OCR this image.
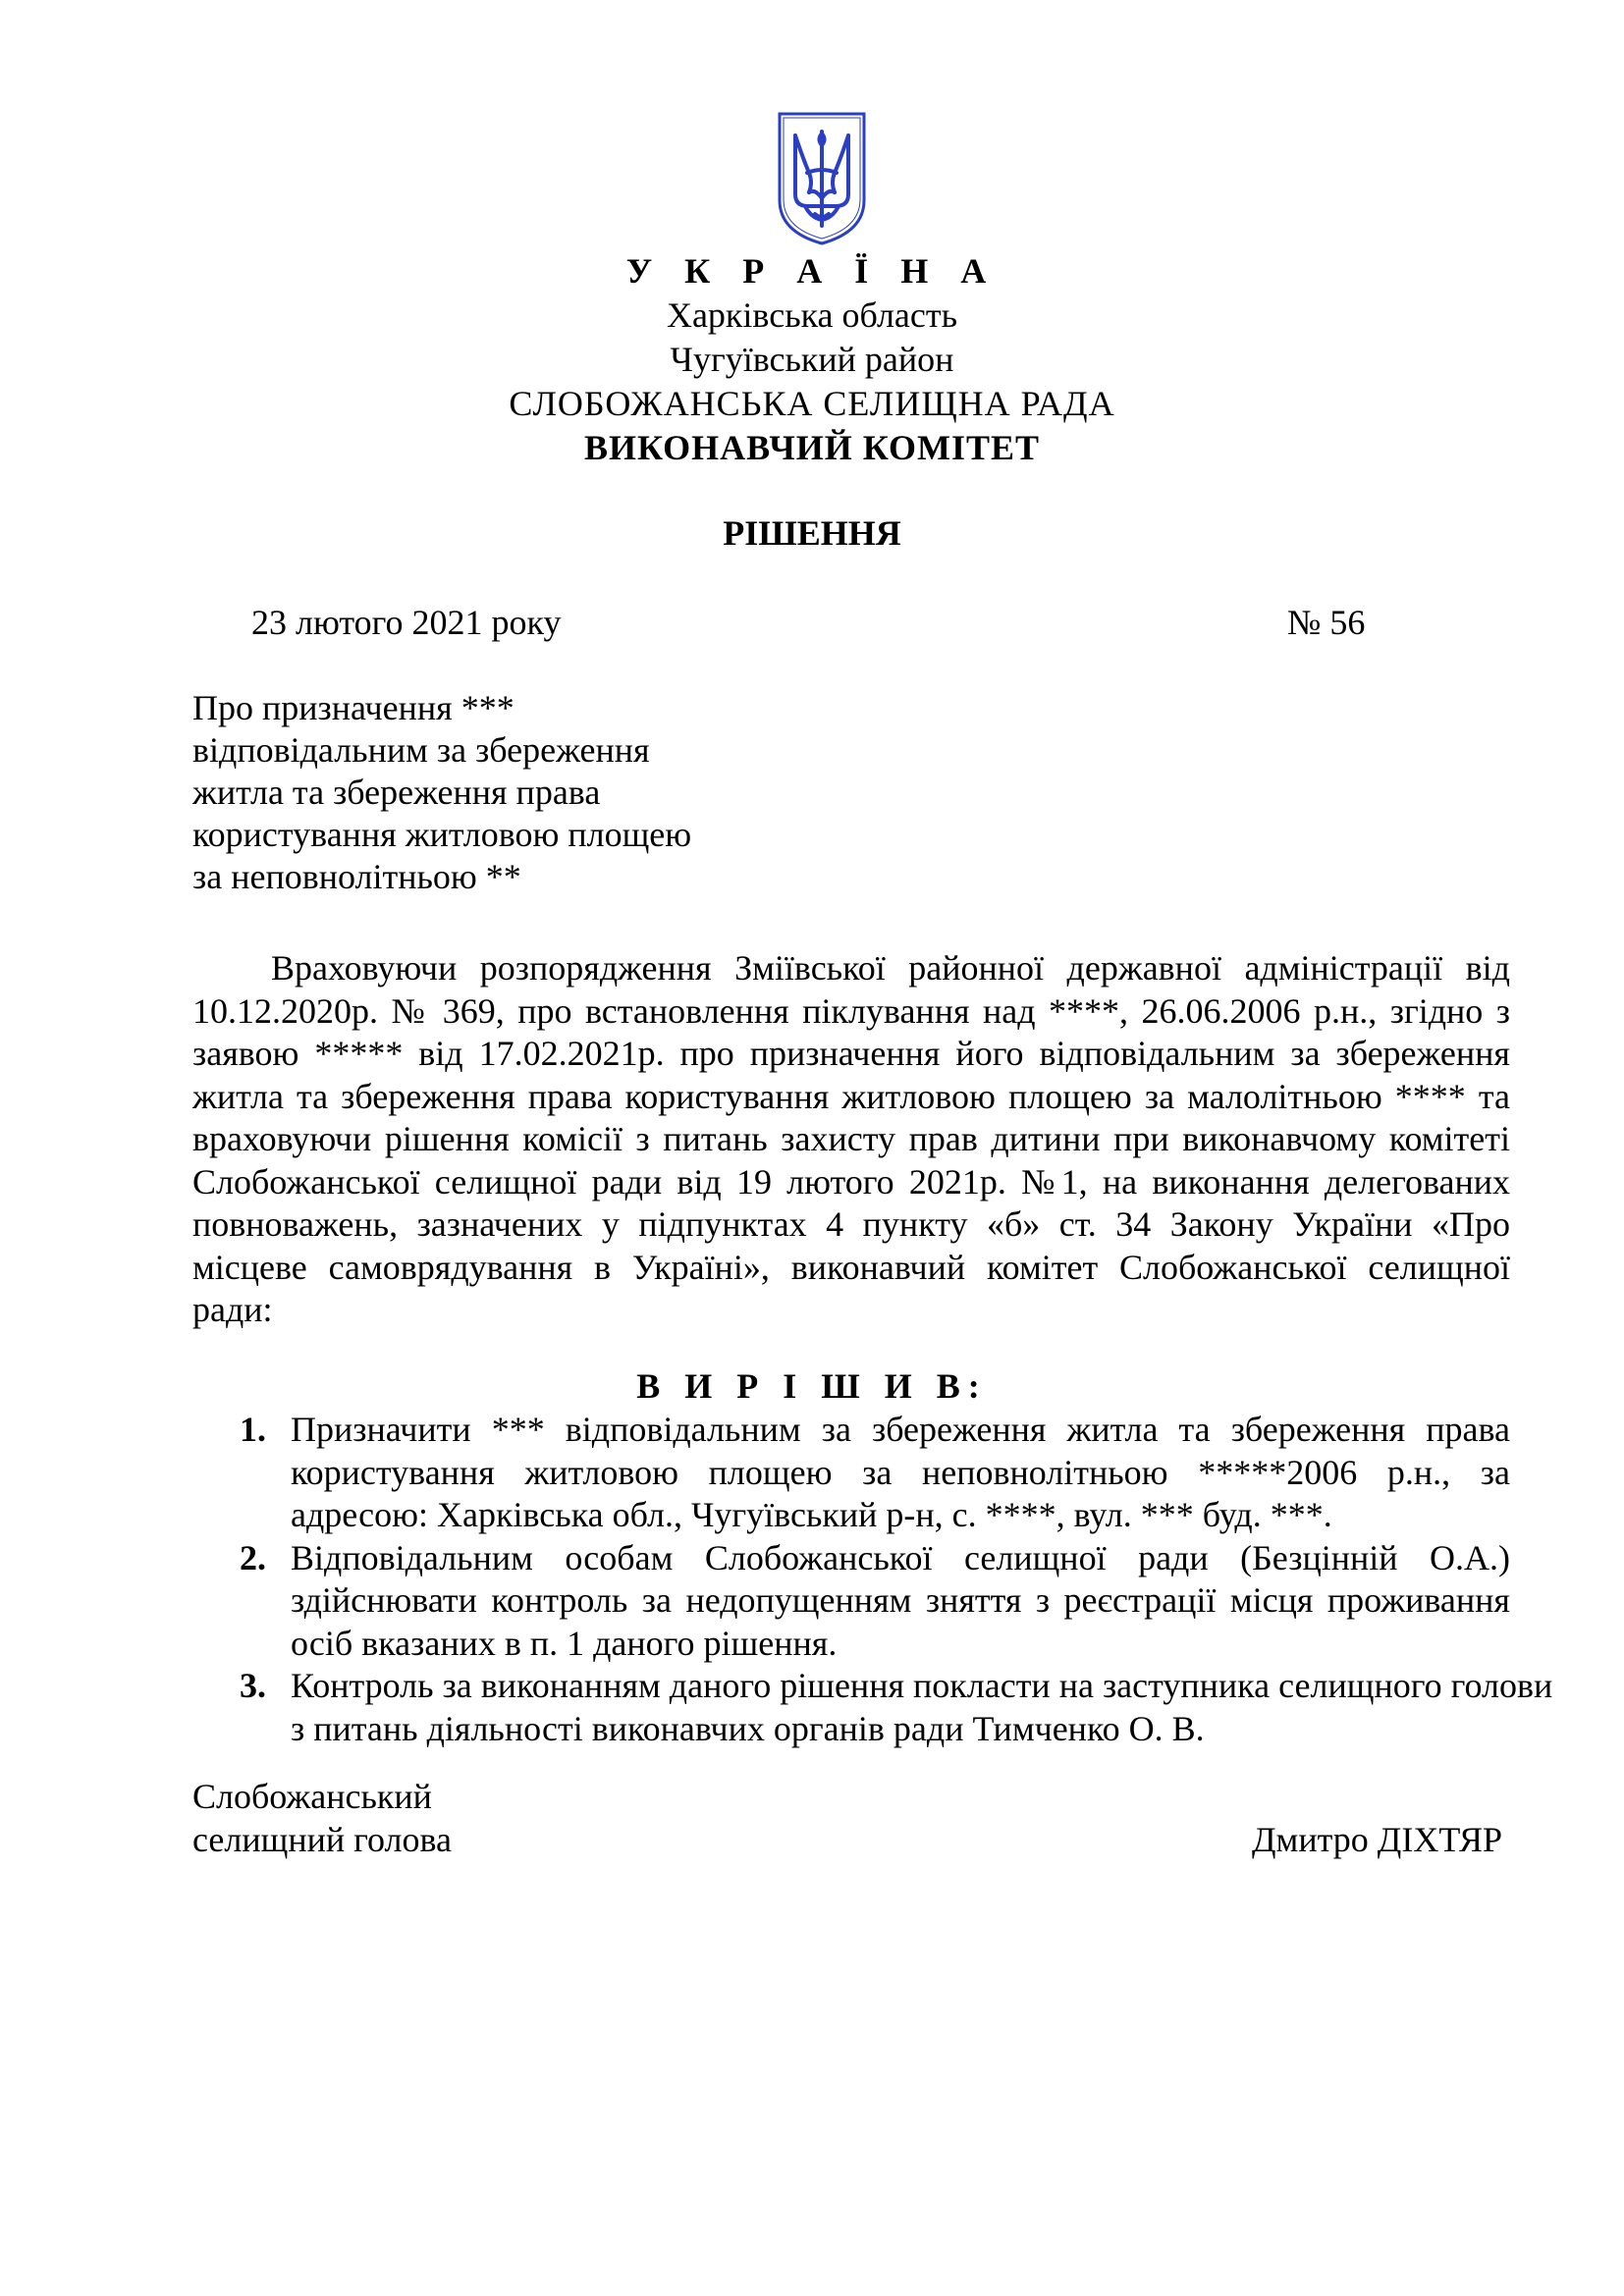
У К Р А Ї Н А
Харківська область
Чугуївський район
СЛОБОЖАНСЬКА СЕЛИЩНА РАДА
ВИКОНАВЧИЙ КОМІТЕТ
РІШЕННЯ
23 лютого 2021 року	№ 56
Про призначення ***
відповідальним за збереження
житла та збереження права
користування житловою площею
за неповнолітньою **
Враховуючи розпорядження Зміївської районної державної адміністрації від
10.12.2020р. № 369, про встановлення піклування над ****, 26.06.2006 р.н., згідно з
заявою ***** від 17.02.2021р. про призначення його відповідальним за збереження
житла та збереження права користування житловою площею за малолітньою **** та
враховуючи рішення комісії з питань захисту прав дитини при виконавчому комітеті
Слобожанської селищної ради від 19 лютого 2021р. №1, на виконання делегованих
повноважень, зазначених у підпунктах 4 пункту «б» ст. 34 Закону України «Про
місцеве самоврядування в Україні», виконавчий комітет Слобожанської селищної
ради:
В И Р І Ш И В:
1. Призначити *** відповідальним за збереження житла та збереження права
користування житловою площею за неповнолітньою *****2006 р.н., за
адресою: Харківська обл., Чугуївський р-н, с. ****, вул. *** буд. ***.
2. Відповідальним особам Слобожанської селищної ради (Безцінній О.А.)
здійснювати контроль за недопущенням зняття з реєстрації місця проживання
осіб вказаних в п. 1 даного рішення.
3. Контроль за виконанням даного рішення покласти на заступника селищного голови
з питань діяльності виконавчих органів ради Тимченко О. В.
Слобожанський
селищний голова	Дмитро ДІХТЯР
